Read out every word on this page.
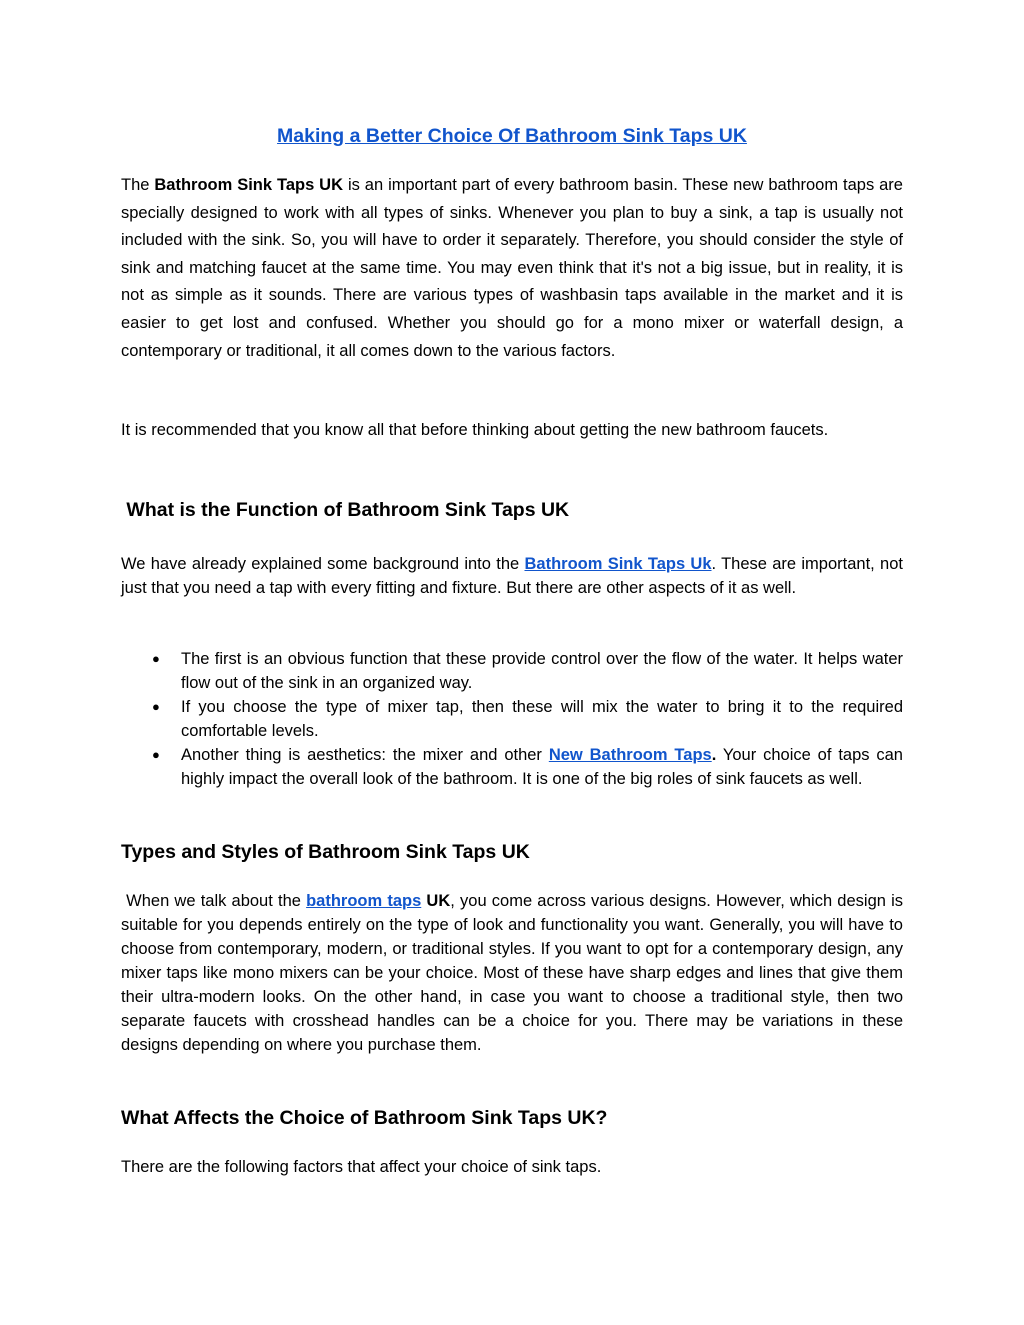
Making a Better Choice Of Bathroom Sink Taps UK

The Bathroom Sink Taps UK is an important part of every bathroom basin. These new bathroom taps are specially designed to work with all types of sinks. Whenever you plan to buy a sink, a tap is usually not included with the sink. So, you will have to order it separately. Therefore, you should consider the style of sink and matching faucet at the same time. You may even think that it's not a big issue, but in reality, it is not as simple as it sounds. There are various types of washbasin taps available in the market and it is easier to get lost and confused. Whether you should go for a mono mixer or waterfall design, a contemporary or traditional, it all comes down to the various factors.

It is recommended that you know all that before thinking about getting the new bathroom faucets.

What is the Function of Bathroom Sink Taps UK

We have already explained some background into the Bathroom Sink Taps Uk. These are important, not just that you need a tap with every fitting and fixture. But there are other aspects of it as well.

● The first is an obvious function that these provide control over the flow of the water. It helps water flow out of the sink in an organized way.
● If you choose the type of mixer tap, then these will mix the water to bring it to the required comfortable levels.
● Another thing is aesthetics: the mixer and other New Bathroom Taps. Your choice of taps can highly impact the overall look of the bathroom. It is one of the big roles of sink faucets as well.
Types and Styles of Bathroom Sink Taps UK

When we talk about the bathroom taps UK, you come across various designs. However, which design is suitable for you depends entirely on the type of look and functionality you want. Generally, you will have to choose from contemporary, modern, or traditional styles. If you want to opt for a contemporary design, any mixer taps like mono mixers can be your choice. Most of these have sharp edges and lines that give them their ultra-modern looks. On the other hand, in case you want to choose a traditional style, then two separate faucets with crosshead handles can be a choice for you. There may be variations in these designs depending on where you purchase them.

What Affects the Choice of Bathroom Sink Taps UK?

There are the following factors that affect your choice of sink taps.
